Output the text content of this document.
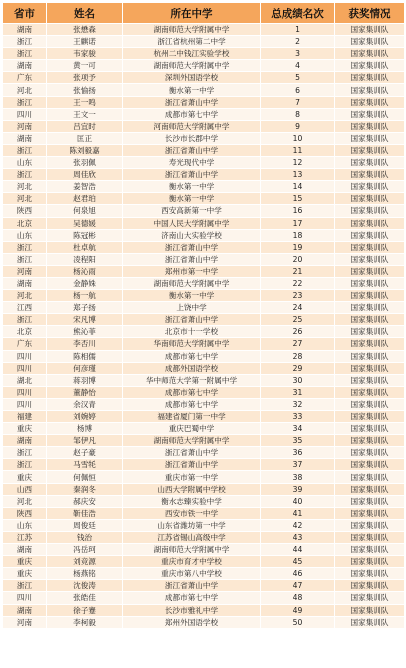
省市	姓名	所在中学	总成绩名次	获奖情况
湖南	张懋森	湖南师范大学附属中学	1	国家集训队
浙江	王麒诺	浙江省杭州第二中学	2	国家集训队
浙江	韦家骏	杭州二中钱江实验学校	3	国家集训队
湖南	黄一可	湖南师范大学附属中学	4	国家集训队
广东	张项予	深圳外国语学校	5	国家集训队
河北	张愉扬	衡水第一中学	6	国家集训队
浙江	王一鸣	浙江省萧山中学	7	国家集训队
四川	王文一	成都市第七中学	8	国家集训队
河南	吕宜时	河南师范大学附属中学	9	国家集训队
湖南	匡正	长沙市长郡中学	10	国家集训队
浙江	陈刘毅嘉	浙江省萧山中学	11	国家集训队
山东	张羽佩	寿光现代中学	12	国家集训队
浙江	周佳欣	浙江省萧山中学	13	国家集训队
河北	姜智浩	衡水第一中学	14	国家集训队
河北	赵君珀	衡水第一中学	15	国家集训队
陕西	何泉旭	西安高新第一中学	16	国家集训队
北京	吴德媛	中国人民大学附属中学	17	国家集训队
山东	陈冠彬	济南山大实验学校	18	国家集训队
浙江	杜卓航	浙江省萧山中学	19	国家集训队
浙江	凌程阳	浙江省萧山中学	20	国家集训队
河南	杨沁雨	郑州市第一中学	21	国家集训队
湖南	金静姝	湖南师范大学附属中学	22	国家集训队
河北	杨一航	衡水第一中学	23	国家集训队
江西	郑子扬	上饶中学	24	国家集训队
浙江	宋凡博	浙江省萧山中学	25	国家集训队
北京	熊沁菲	北京市十一学校	26	国家集训队
广东	李否川	华南师范大学附属中学	27	国家集训队
四川	陈相儒	成都市第七中学	28	国家集训队
四川	何彦瑾	成都外国语学校	29	国家集训队
湖北	蒋羽博	华中师范大学第一附属中学	30	国家集训队
四川	董静怡	成都市第七中学	31	国家集训队
四川	余汉青	成都市第七中学	32	国家集训队
福建	刘婉婷	福建省厦门第一中学	33	国家集训队
重庆	杨博	重庆巴蜀中学	34	国家集训队
湖南	邹伊凡	湖南师范大学附属中学	35	国家集训队
浙江	赵子豪	浙江省萧山中学	36	国家集训队
浙江	马雪牦	浙江省萧山中学	37	国家集训队
重庆	何佩恒	重庆市第一中学	38	国家集训队
山西	秦润冬	山西大学附属中学校	39	国家集训队
河北	郝庆安	衡水志臻实验中学	40	国家集训队
陕西	靳佳浩	西安市铁一中学	41	国家集训队
山东	周俊廷	山东省潍坊第一中学	42	国家集训队
江苏	钱治	江苏省锡山高级中学	43	国家集训队
湖南	冯岳珂	湖南师范大学附属中学	44	国家集训队
重庆	刘竞源	重庆市育才中学校	45	国家集训队
重庆	杨燕铭	重庆市第八中学校	46	国家集训队
浙江	沈俊涛	浙江省萧山中学	47	国家集训队
四川	张皓佳	成都市第七中学	48	国家集训队
湖南	徐子蹇	长沙市雅礼中学	49	国家集训队
河南	李柯毅	郑州外国语学校	50	国家集训队
